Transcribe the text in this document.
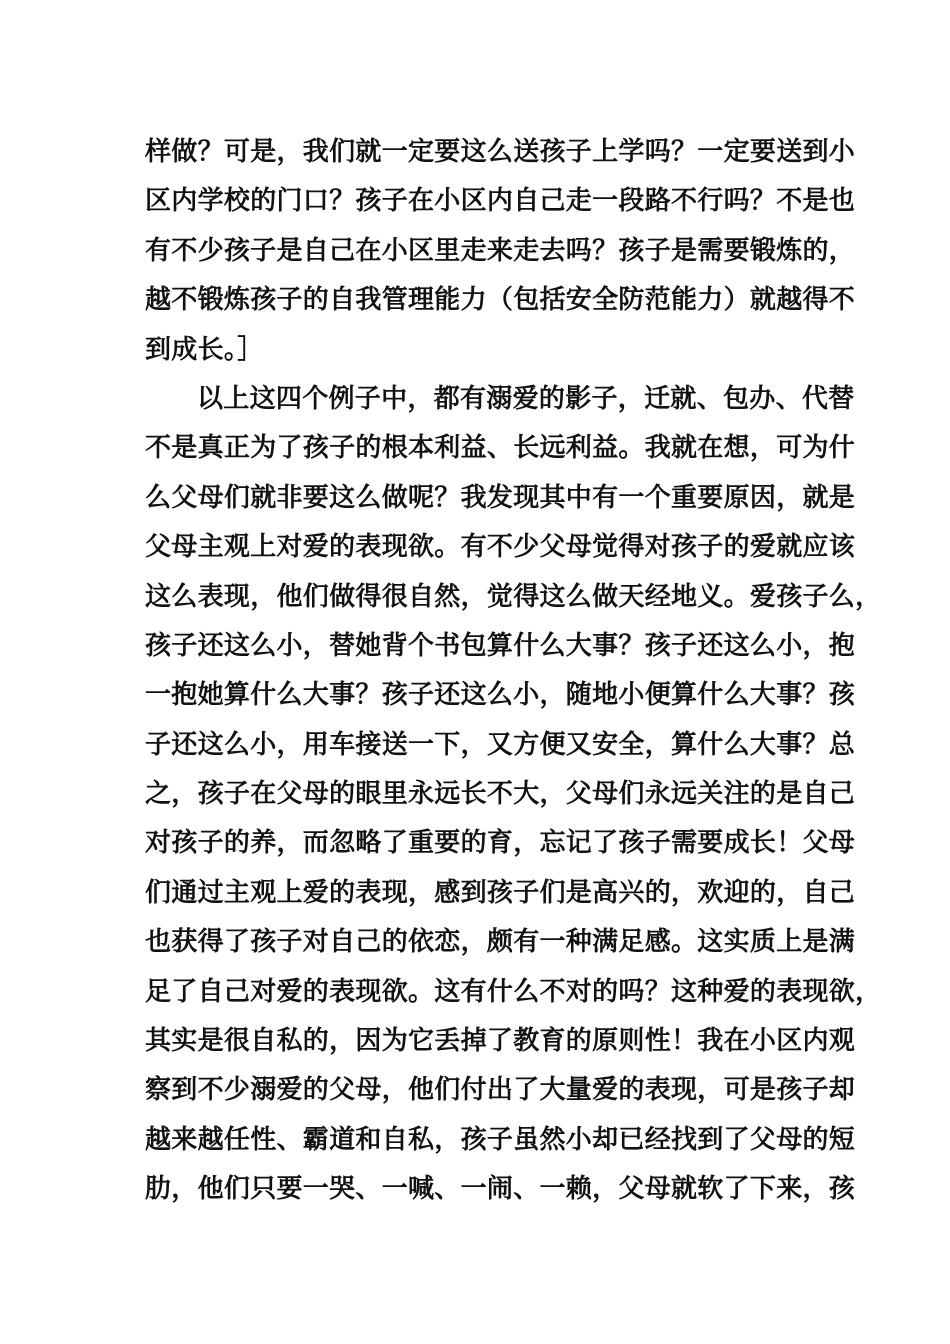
样做？可是，我们就一定要这么送孩子上学吗？一定要送到小
区内学校的门口？孩子在小区内自己走一段路不行吗？不是也
有不少孩子是自己在小区里走来走去吗？孩子是需要锻炼的，
越不锻炼孩子的自我管理能力（包括安全防范能力）就越得不
到成长。］
以上这四个例子中，都有溺爱的影子，迁就、包办、代替
不是真正为了孩子的根本利益、长远利益。我就在想，可为什
么父母们就非要这么做呢？我发现其中有一个重要原因，就是
父母主观上对爱的表现欲。有不少父母觉得对孩子的爱就应该
这么表现，他们做得很自然，觉得这么做天经地义。爱孩子么，
孩子还这么小，替她背个书包算什么大事？孩子还这么小，抱
一抱她算什么大事？孩子还这么小，随地小便算什么大事？孩
子还这么小，用车接送一下，又方便又安全，算什么大事？总
之，孩子在父母的眼里永远长不大，父母们永远关注的是自己
对孩子的养，而忽略了重要的育，忘记了孩子需要成长！父母
们通过主观上爱的表现，感到孩子们是高兴的，欢迎的，自己
也获得了孩子对自己的依恋，颇有一种满足感。这实质上是满
足了自己对爱的表现欲。这有什么不对的吗？这种爱的表现欲，
其实是很自私的，因为它丢掉了教育的原则性！我在小区内观
察到不少溺爱的父母，他们付出了大量爱的表现，可是孩子却
越来越任性、霸道和自私，孩子虽然小却已经找到了父母的短
肋，他们只要一哭、一喊、一闹、一赖，父母就软了下来，孩
